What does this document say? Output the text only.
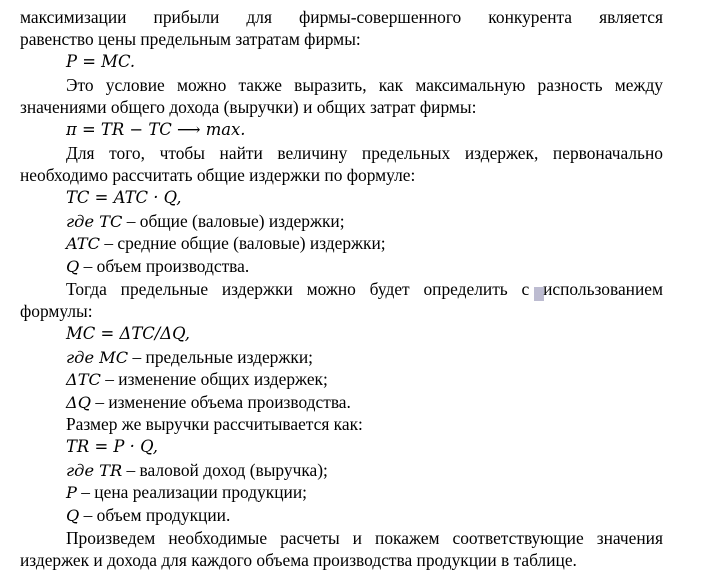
максимизации прибыли для фирмы-совершенного конкурента является
равенство цены предельным затратам фирмы:
P = MC.
Это условие можно также выразить, как максимальную разность между
значениями общего дохода (выручки) и общих затрат фирмы:
π = TR − TC ⟶ max.
Для того, чтобы найти величину предельных издержек, первоначально
необходимо рассчитать общие издержки по формуле:
TC = ATC · Q,
где TC – общие (валовые) издержки;
ATC – средние общие (валовые) издержки;
Q – объем производства.
Тогда предельные издержки можно будет определить с использованием
формулы:
MC = ΔTC/ΔQ,
где MC – предельные издержки;
ΔTC – изменение общих издержек;
ΔQ – изменение объема производства.
Размер же выручки рассчитывается как:
TR = P · Q,
где TR – валовой доход (выручка);
P – цена реализации продукции;
Q – объем продукции.
Произведем необходимые расчеты и покажем соответствующие значения
издержек и дохода для каждого объема производства продукции в таблице.
